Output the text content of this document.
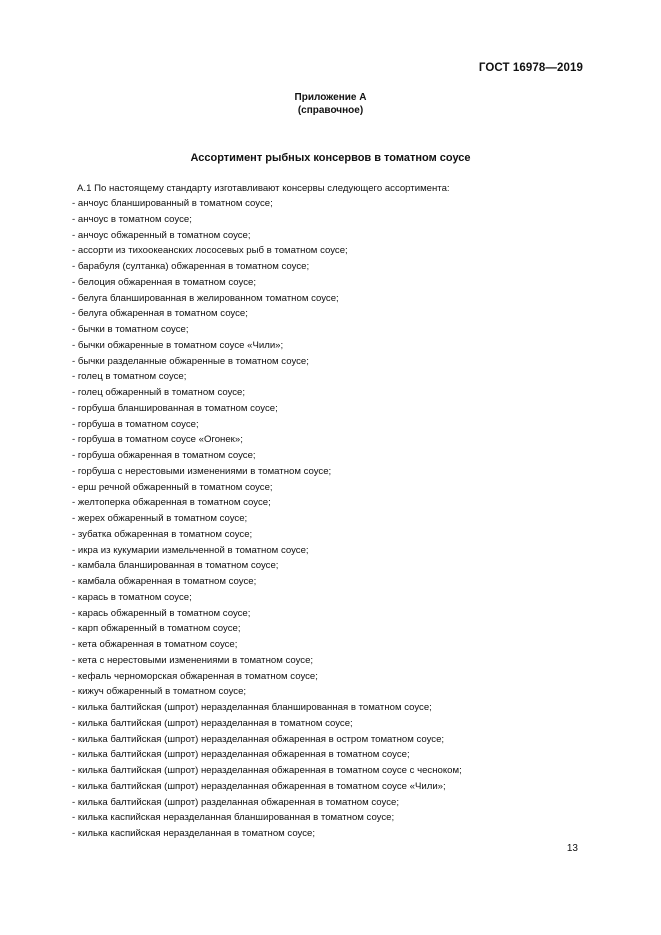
ГОСТ 16978—2019
Приложение А
(справочное)
Ассортимент рыбных консервов в томатном соусе
А.1 По настоящему стандарту изготавливают консервы следующего ассортимента:
- анчоус бланшированный в томатном соусе;
- анчоус в томатном соусе;
- анчоус обжаренный в томатном соусе;
- ассорти из тихоокеанских лососевых рыб в томатном соусе;
- барабуля (султанка) обжаренная в томатном соусе;
- белоция обжаренная в томатном соусе;
- белуга бланшированная в желированном томатном соусе;
- белуга обжаренная в томатном соусе;
- бычки в томатном соусе;
- бычки обжаренные в томатном соусе «Чили»;
- бычки разделанные обжаренные в томатном соусе;
- голец в томатном соусе;
- голец обжаренный в томатном соусе;
- горбуша бланшированная в томатном соусе;
- горбуша в томатном соусе;
- горбуша в томатном соусе «Огонек»;
- горбуша обжаренная в томатном соусе;
- горбуша с нерестовыми изменениями в томатном соусе;
- ерш речной обжаренный в томатном соусе;
- желтоперка обжаренная в томатном соусе;
- жерех обжаренный в томатном соусе;
- зубатка обжаренная в томатном соусе;
- икра из кукумарии измельченной в томатном соусе;
- камбала бланшированная в томатном соусе;
- камбала обжаренная в томатном соусе;
- карась в томатном соусе;
- карась обжаренный в томатном соусе;
- карп обжаренный в томатном соусе;
- кета обжаренная в томатном соусе;
- кета с нерестовыми изменениями в томатном соусе;
- кефаль черноморская обжаренная в томатном соусе;
- кижуч обжаренный в томатном соусе;
- килька балтийская (шпрот) неразделанная бланшированная в томатном соусе;
- килька балтийская (шпрот) неразделанная в томатном соусе;
- килька балтийская (шпрот) неразделанная обжаренная в остром томатном соусе;
- килька балтийская (шпрот) неразделанная обжаренная в томатном соусе;
- килька балтийская (шпрот) неразделанная обжаренная в томатном соусе с чесноком;
- килька балтийская (шпрот) неразделанная обжаренная в томатном соусе «Чили»;
- килька балтийская (шпрот) разделанная обжаренная в томатном соусе;
- килька каспийская неразделанная бланшированная в томатном соусе;
- килька каспийская неразделанная в томатном соусе;
13
